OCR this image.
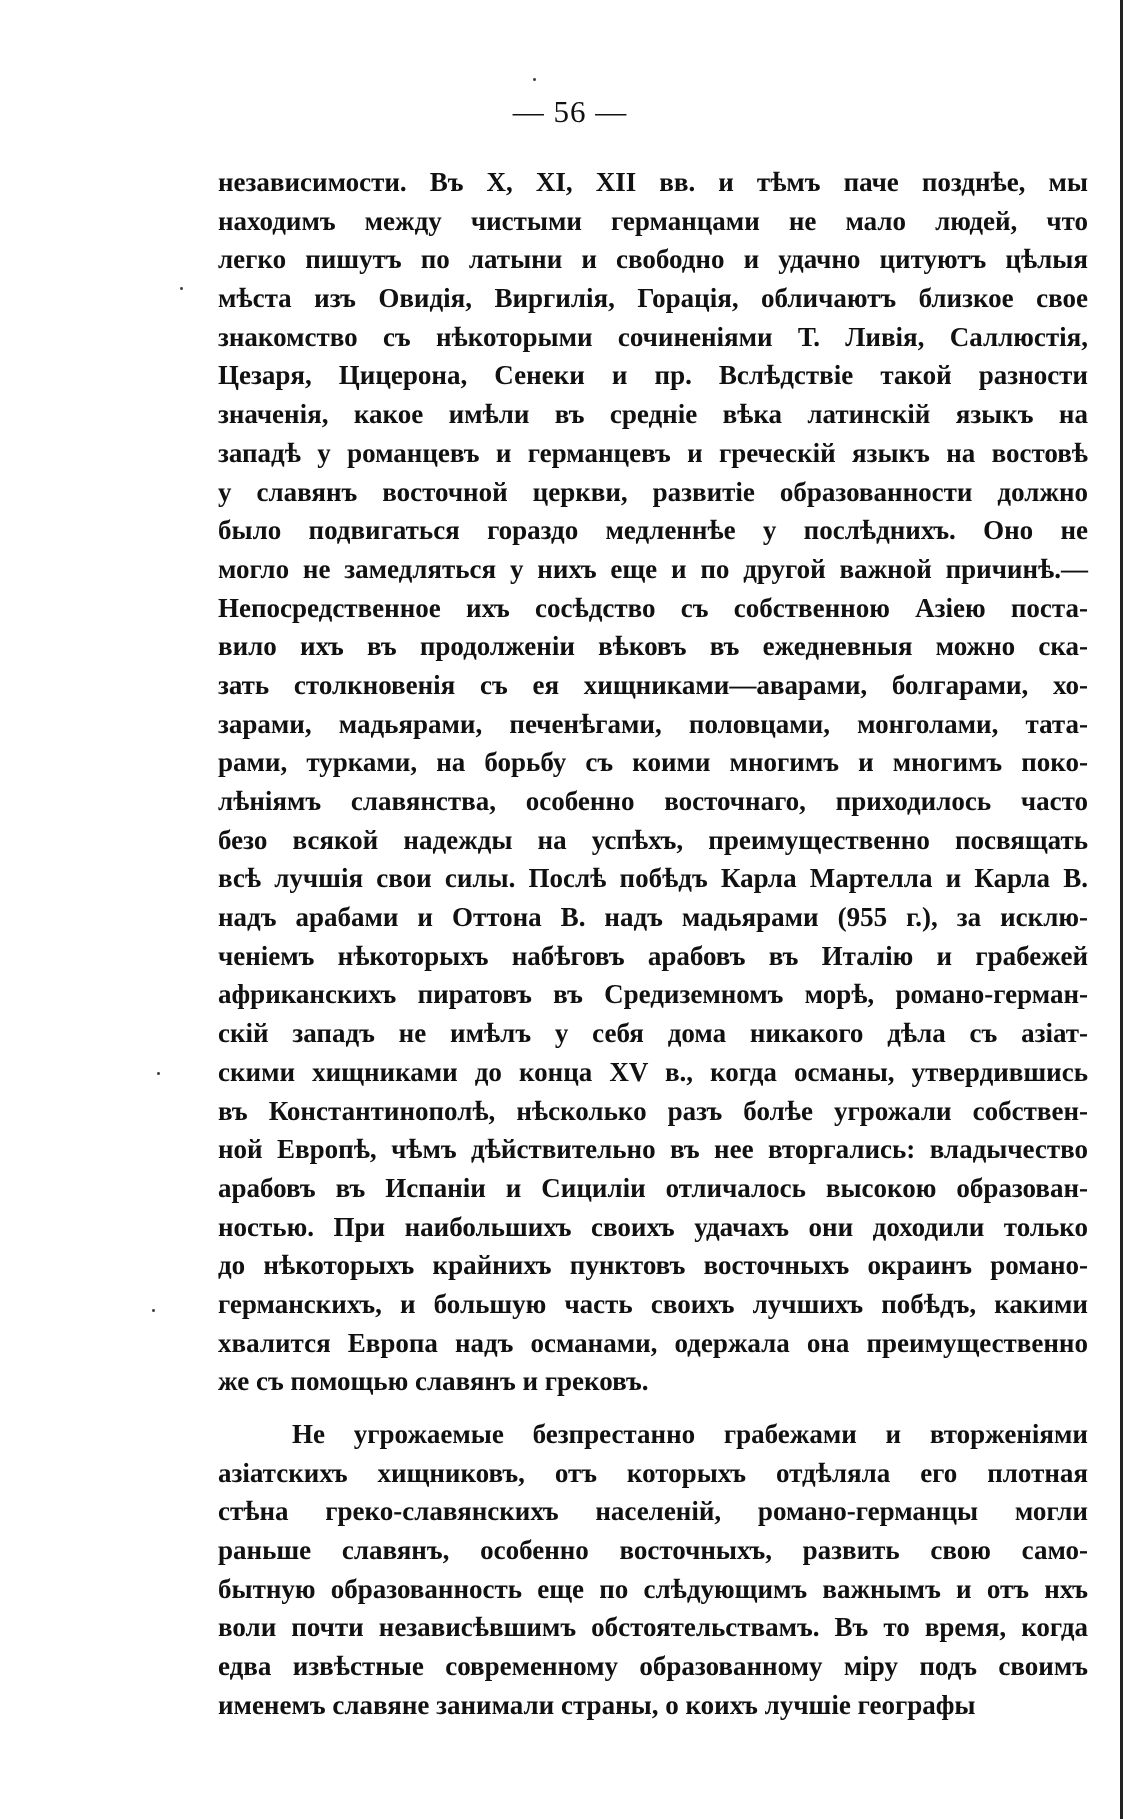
— 56 —
независимости. Въ X, XI, XII вв. и тѣмъ паче позднѣе, мы
находимъ между чистыми германцами не мало людей, что
легко пишутъ по латыни и свободно и удачно цитуютъ цѣлыя
мѣста изъ Овидія, Виргилія, Горація, обличаютъ близкое свое
знакомство съ нѣкоторыми сочиненіями Т. Ливія, Саллюстія,
Цезаря, Цицерона, Сенеки и пр. Вслѣдствіе такой разности
значенія, какое имѣли въ средніе вѣка латинскій языкъ на
западѣ у романцевъ и германцевъ и греческій языкъ на востовѣ
у славянъ восточной церкви, развитіе образованности должно
было подвигаться гораздо медленнѣе у послѣднихъ. Оно не
могло не замедляться у нихъ еще и по другой важной причинѣ.—
Непосредственное ихъ сосѣдство съ собственною Азіею поста-
вило ихъ въ продолженіи вѣковъ въ ежедневныя можно ска-
зать столкновенія съ ея хищниками—аварами, болгарами, хо-
зарами, мадьярами, печенѣгами, половцами, монголами, тата-
рами, турками, на борьбу съ коими многимъ и многимъ поко-
лѣніямъ славянства, особенно восточнаго, приходилось часто
безо всякой надежды на успѣхъ, преимущественно посвящать
всѣ лучшія свои силы. Послѣ побѣдъ Карла Мартелла и Карла В.
надъ арабами и Оттона В. надъ мадьярами (955 г.), за исклю-
ченіемъ нѣкоторыхъ набѣговъ арабовъ въ Италію и грабежей
африканскихъ пиратовъ въ Средиземномъ морѣ, романо-герман-
скій западъ не имѣлъ у себя дома никакого дѣла съ азіат-
скими хищниками до конца XV в., когда османы, утвердившись
въ Константинополѣ, нѣсколько разъ болѣе угрожали собствен-
ной Европѣ, чѣмъ дѣйствительно въ нее вторгались: владычество
арабовъ въ Испаніи и Сициліи отличалось высокою образован-
ностью. При наибольшихъ своихъ удачахъ они доходили только
до нѣкоторыхъ крайнихъ пунктовъ восточныхъ окраинъ романо-
германскихъ, и большую часть своихъ лучшихъ побѣдъ, какими
хвалится Европа надъ османами, одержала она преимущественно
же съ помощью славянъ и грековъ.
Не угрожаемые безпрестанно грабежами и вторженіями
азіатскихъ хищниковъ, отъ которыхъ отдѣляла его плотная
стѣна греко-славянскихъ населеній, романо-германцы могли
раньше славянъ, особенно восточныхъ, развить свою само-
бытную образованность еще по слѣдующимъ важнымъ и отъ нхъ
воли почти независѣвшимъ обстоятельствамъ. Въ то время, когда
едва извѣстные современному образованному міру подъ своимъ
именемъ славяне занимали страны, о коихъ лучшіе географы
